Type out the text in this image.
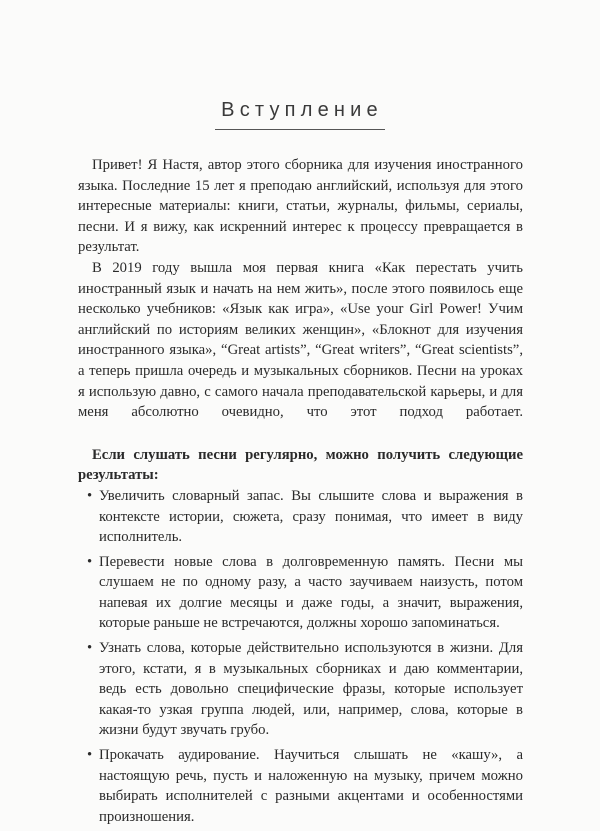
Вступление

Привет! Я Настя, автор этого сборника для изучения иностранного языка. Последние 15 лет я преподаю английский, используя для этого интересные материалы: книги, статьи, журналы, фильмы, сериалы, песни. И я вижу, как искренний интерес к процессу превращается в результат.

В 2019 году вышла моя первая книга «Как перестать учить иностранный язык и начать на нем жить», после этого появилось еще несколько учебников: «Язык как игра», «Use your Girl Power! Учим английский по историям великих женщин», «Блокнот для изучения иностранного языка», “Great artists”, “Great writers”, “Great scientists”, а теперь пришла очередь и музыкальных сборников. Песни на уроках я использую давно, с самого начала преподавательской карьеры, и для меня абсолютно очевидно, что этот подход работает.

Если слушать песни регулярно, можно получить следующие результаты:

• Увеличить словарный запас. Вы слышите слова и выражения в контексте истории, сюжета, сразу понимая, что имеет в виду исполнитель.
• Перевести новые слова в долговременную память. Песни мы слушаем не по одному разу, а часто заучиваем наизусть, потом напевая их долгие месяцы и даже годы, а значит, выражения, которые раньше не встречаются, должны хорошо запоминаться.
• Узнать слова, которые действительно используются в жизни. Для этого, кстати, я в музыкальных сборниках и даю комментарии, ведь есть довольно специфические фразы, которые использует какая-то узкая группа людей, или, например, слова, которые в жизни будут звучать грубо.
• Прокачать аудирование. Научиться слышать не «кашу», а настоящую речь, пусть и наложенную на музыку, причем можно выбирать исполнителей с разными акцентами и особенностями произношения.
